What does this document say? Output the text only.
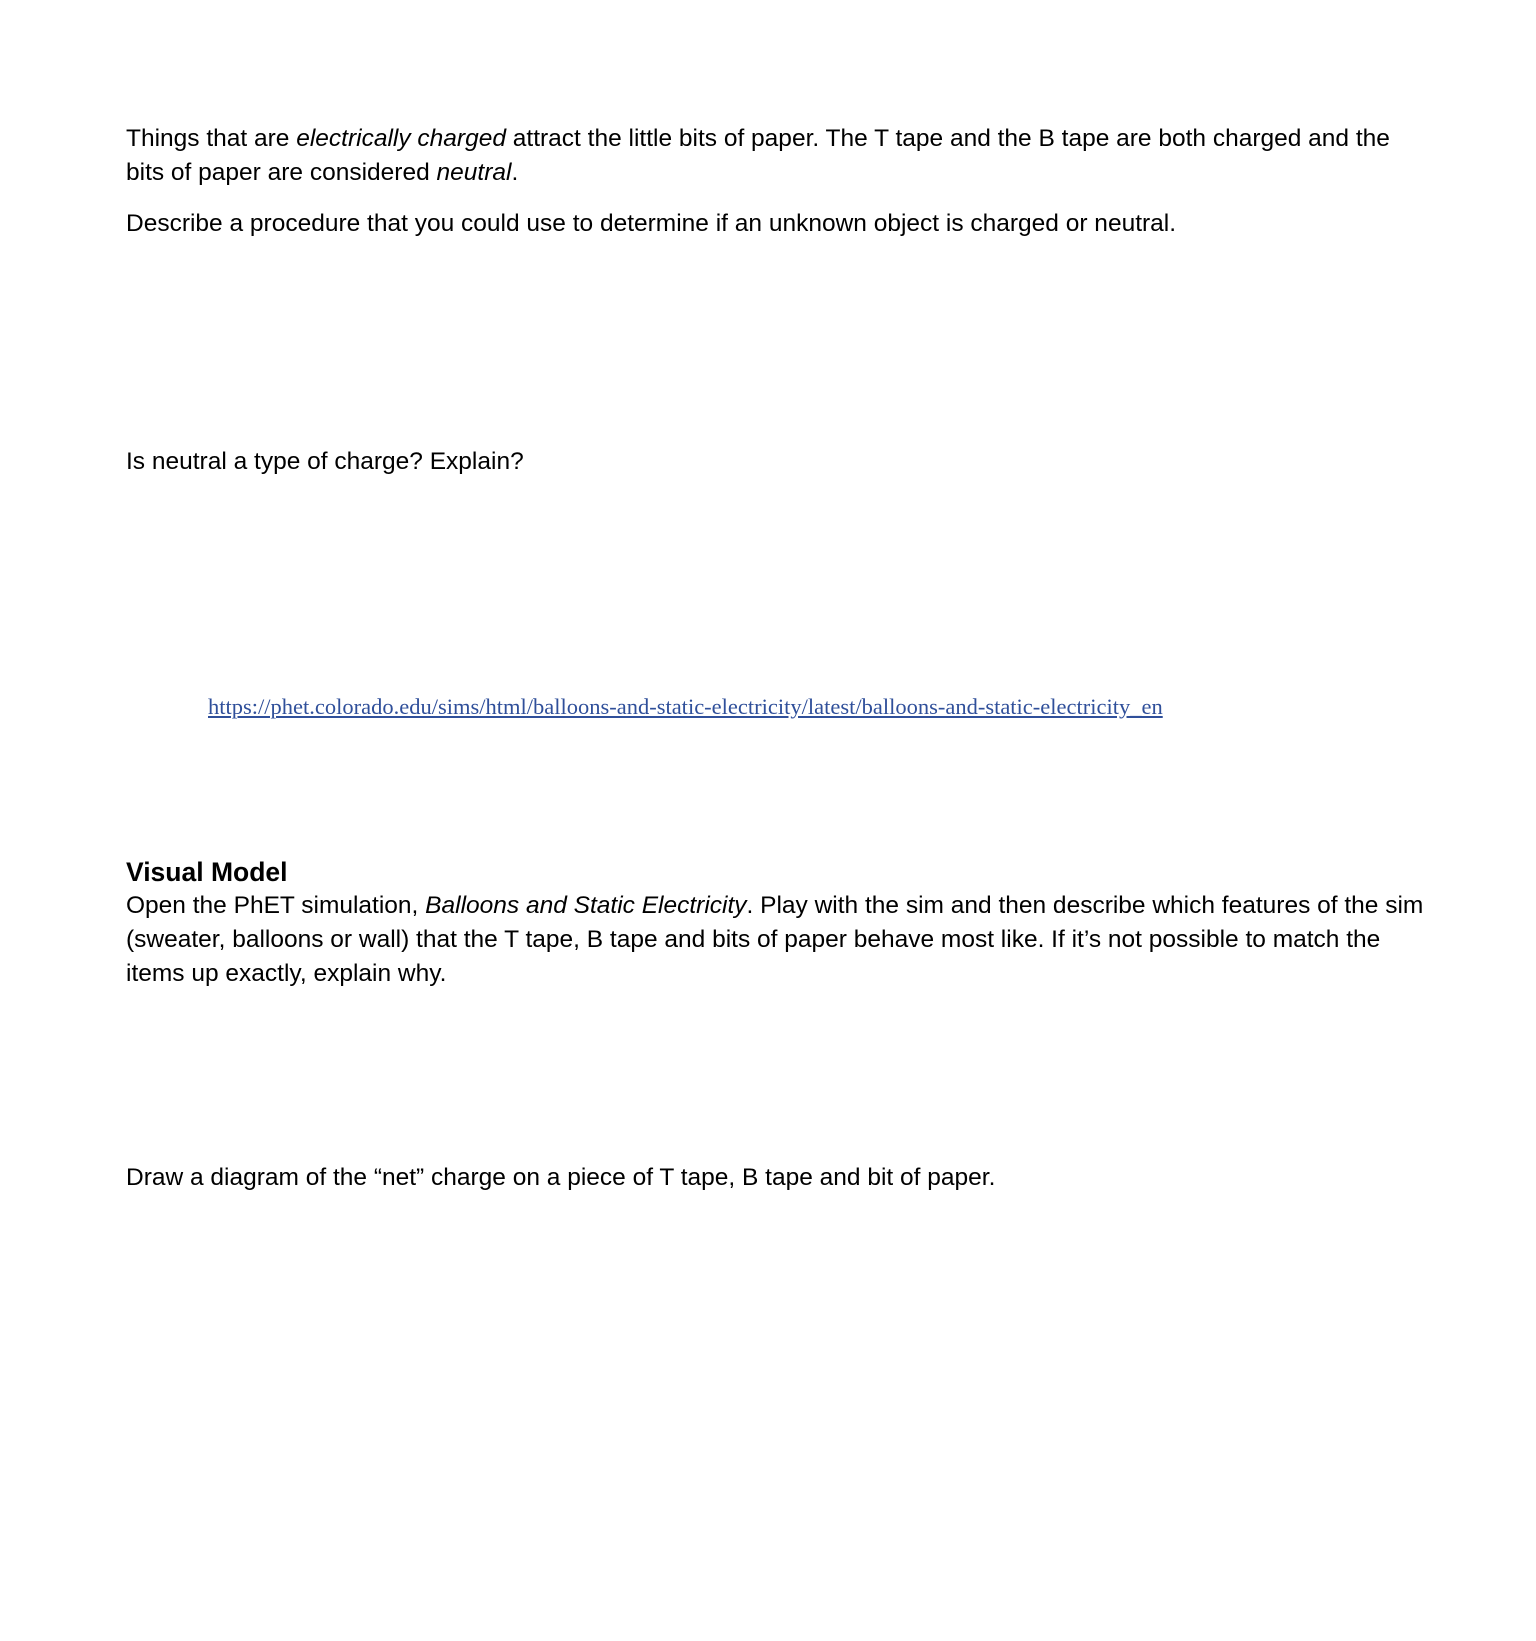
Things that are electrically charged attract the little bits of paper. The T tape and the B tape are both charged and the bits of paper are considered neutral.

Describe a procedure that you could use to determine if an unknown object is charged or neutral.

Is neutral a type of charge? Explain?

https://phet.colorado.edu/sims/html/balloons-and-static-electricity/latest/balloons-and-static-electricity_en
Visual Model

Open the PhET simulation, Balloons and Static Electricity. Play with the sim and then describe which features of the sim (sweater, balloons or wall) that the T tape, B tape and bits of paper behave most like. If it’s not possible to match the items up exactly, explain why.

Draw a diagram of the “net” charge on a piece of T tape, B tape and bit of paper.
